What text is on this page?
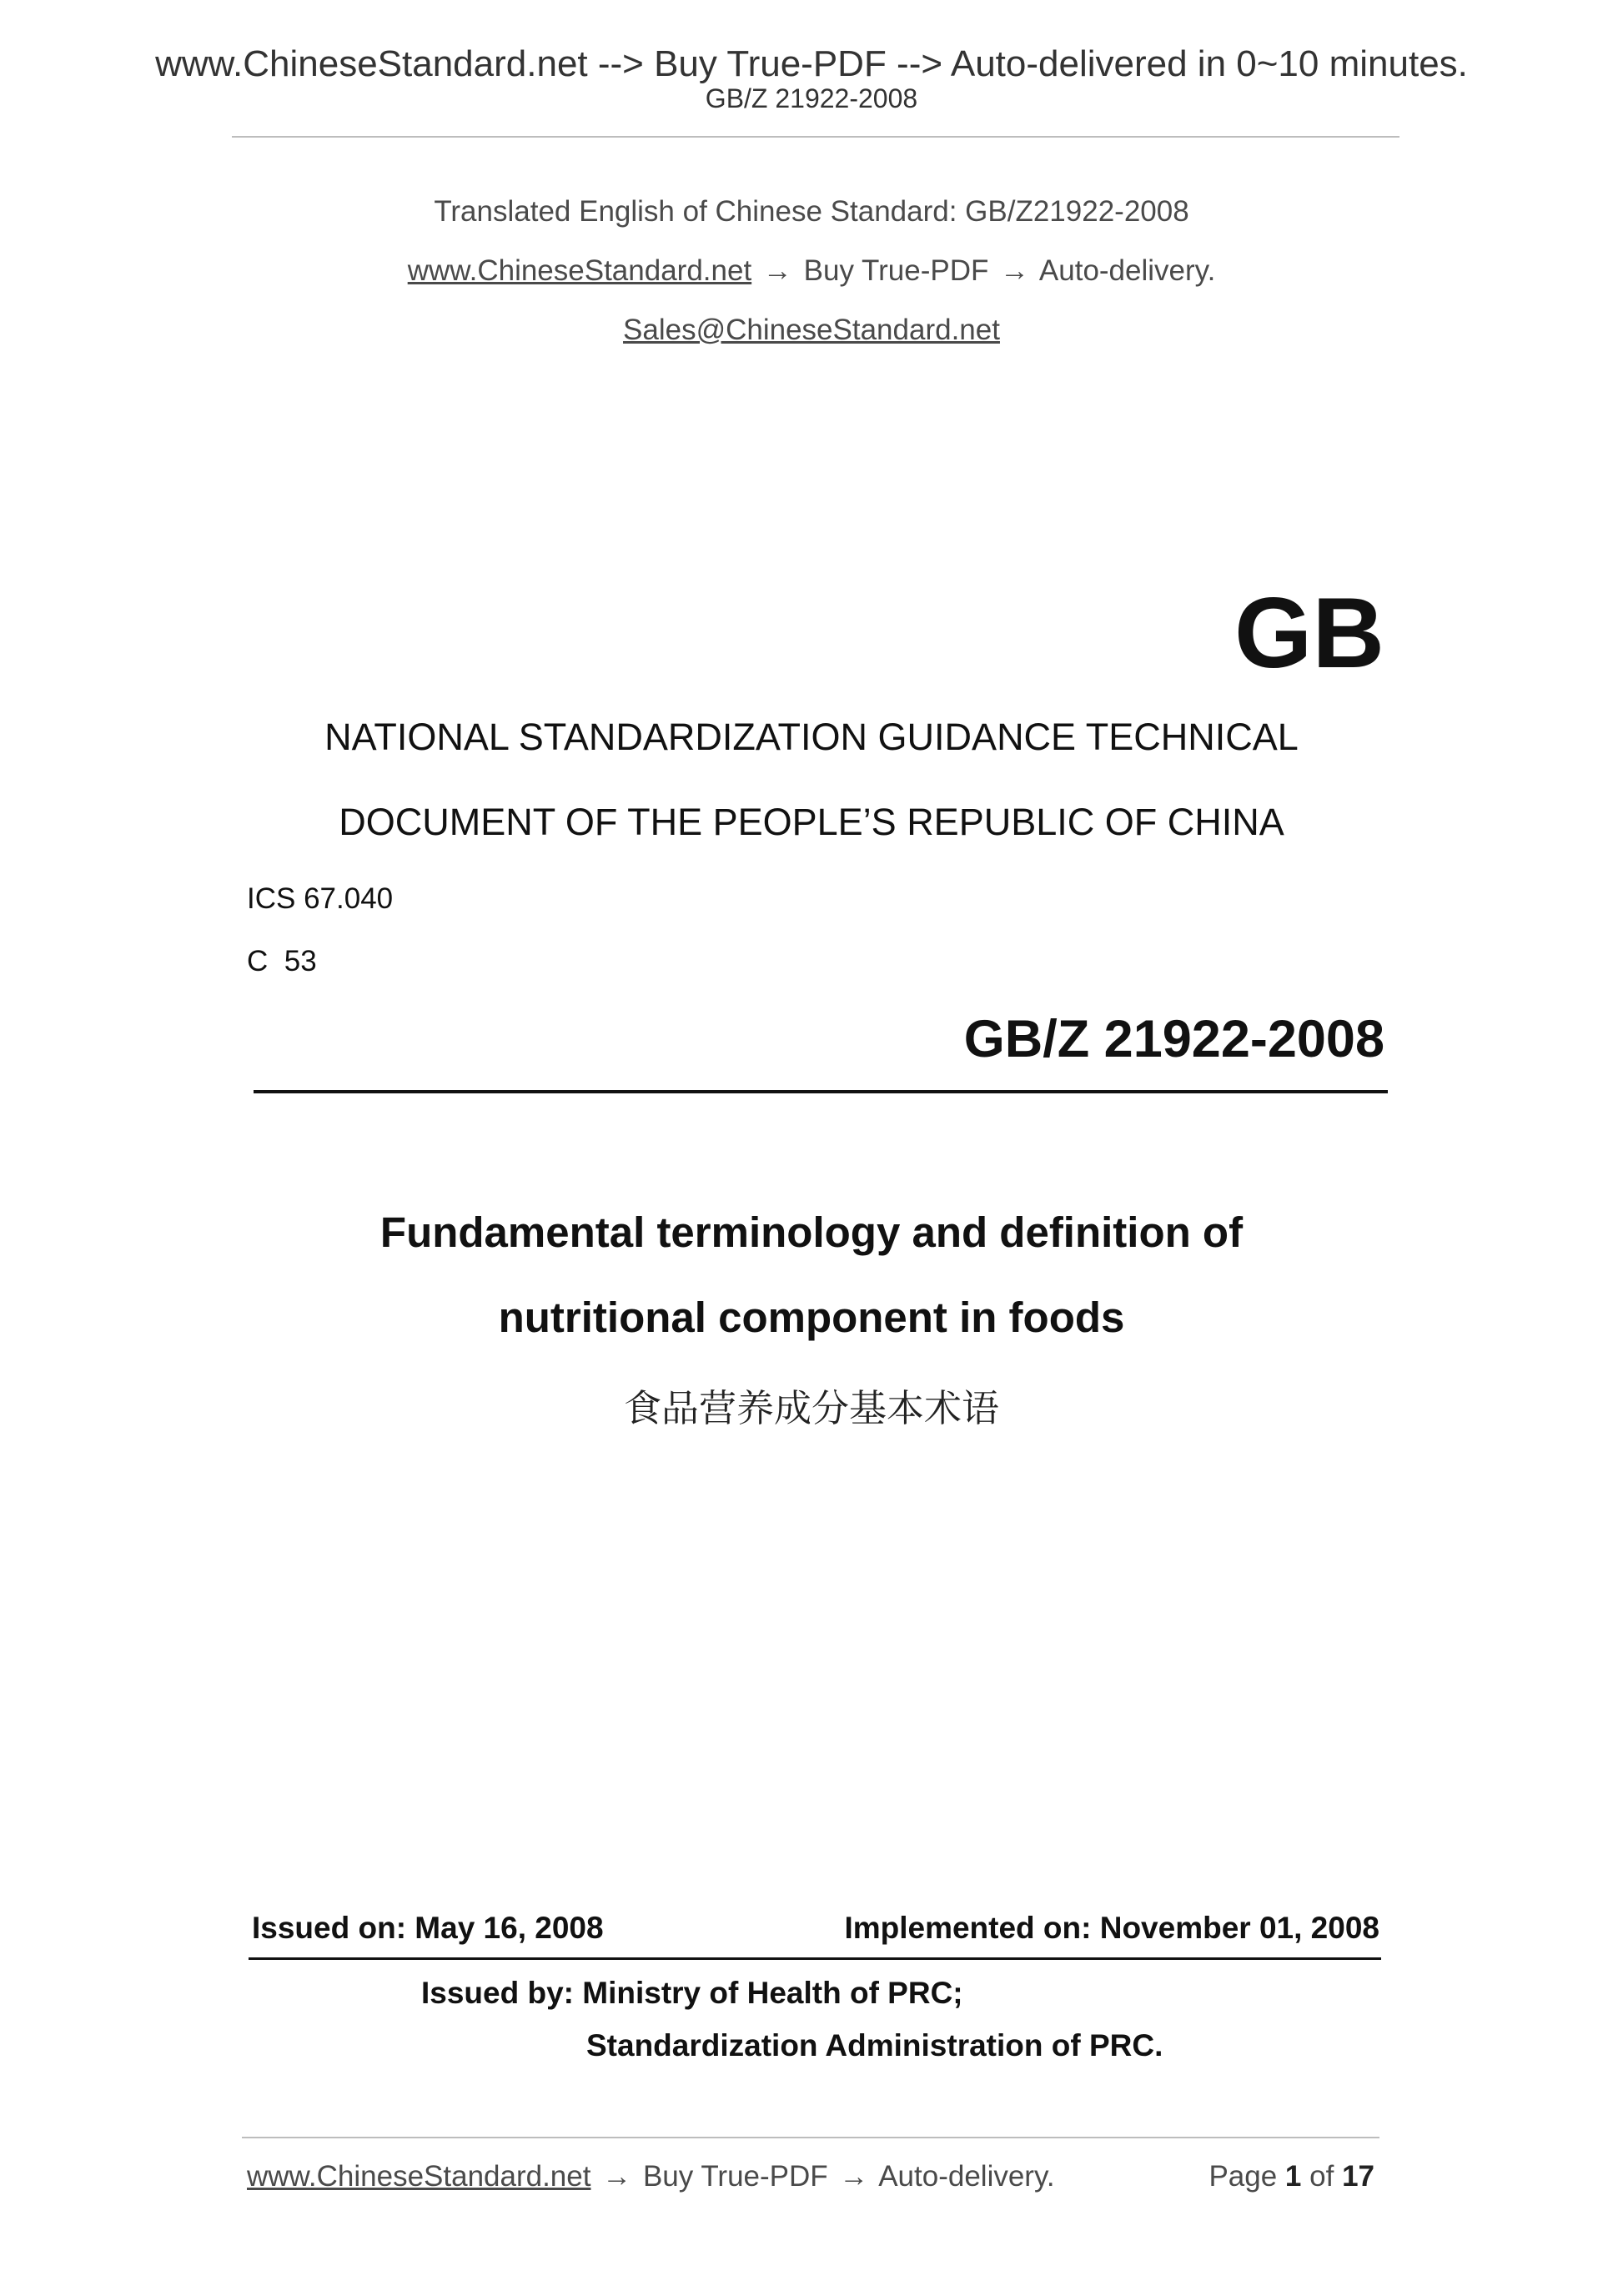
www.ChineseStandard.net --> Buy True-PDF --> Auto-delivered in 0~10 minutes.
GB/Z 21922-2008
Translated English of Chinese Standard: GB/Z21922-2008
www.ChineseStandard.net → Buy True-PDF → Auto-delivery.
Sales@ChineseStandard.net
GB
NATIONAL STANDARDIZATION GUIDANCE TECHNICAL
DOCUMENT OF THE PEOPLE’S REPUBLIC OF CHINA
ICS 67.040
C  53
GB/Z 21922-2008
Fundamental terminology and definition of
nutritional component in foods
食品营养成分基本术语
Issued on: May 16, 2008	Implemented on: November 01, 2008
Issued by: Ministry of Health of PRC;
Standardization Administration of PRC.
www.ChineseStandard.net → Buy True-PDF → Auto-delivery.	Page 1 of 17
